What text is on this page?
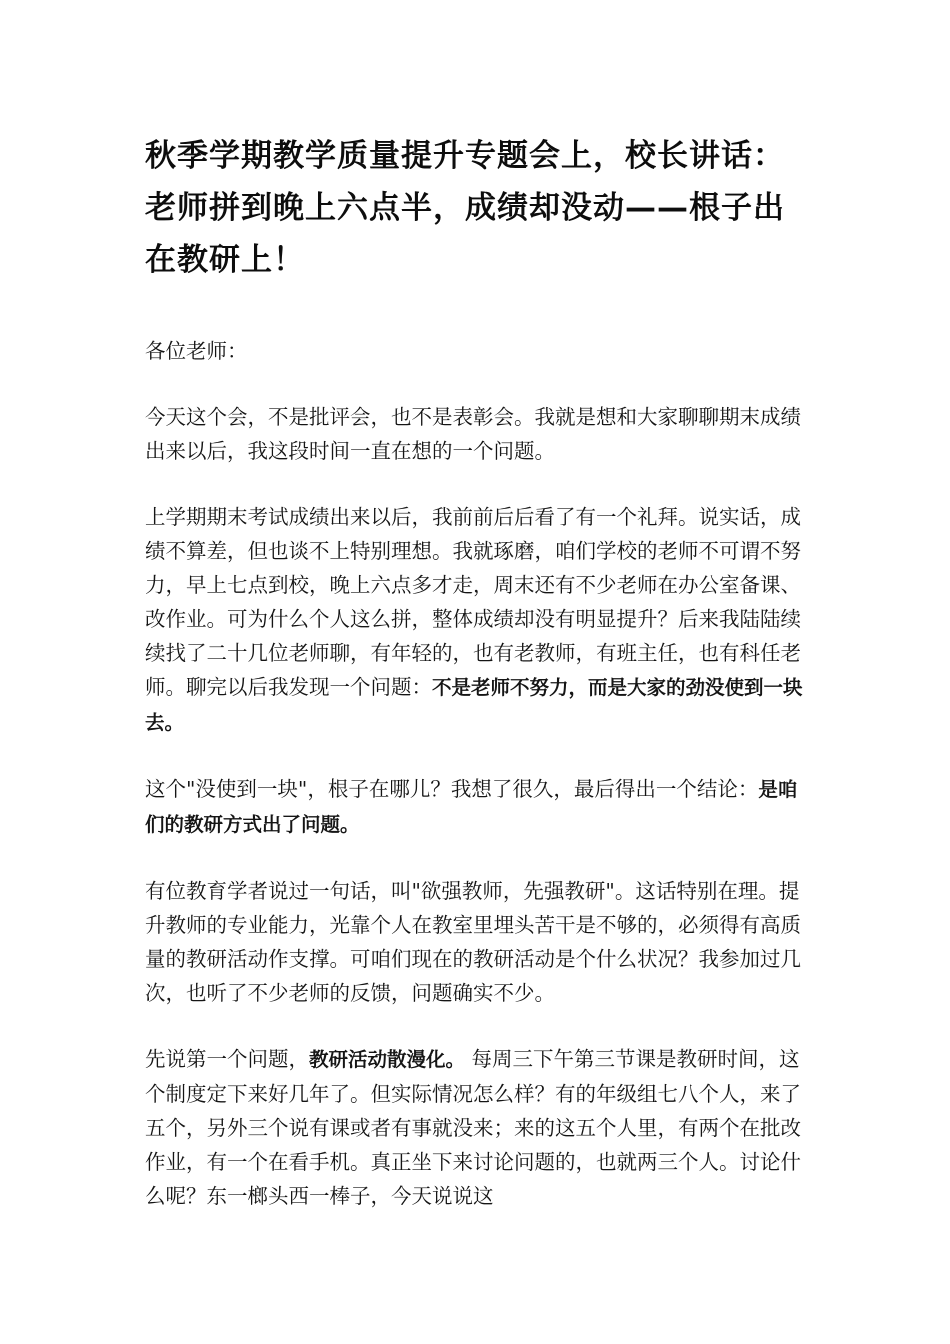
秋季学期教学质量提升专题会上，校长讲话：老师拼到晚上六点半，成绩却没动——根子出在教研上！

各位老师：

今天这个会，不是批评会，也不是表彰会。我就是想和大家聊聊期末成绩出来以后，我这段时间一直在想的一个问题。

上学期期末考试成绩出来以后，我前前后后看了有一个礼拜。说实话，成绩不算差，但也谈不上特别理想。我就琢磨，咱们学校的老师不可谓不努力，早上七点到校，晚上六点多才走，周末还有不少老师在办公室备课、改作业。可为什么个人这么拼，整体成绩却没有明显提升？后来我陆陆续续找了二十几位老师聊，有年轻的，也有老教师，有班主任，也有科任老师。聊完以后我发现一个问题：不是老师不努力，而是大家的劲没使到一块去。

这个"没使到一块"，根子在哪儿？我想了很久，最后得出一个结论：是咱们的教研方式出了问题。

有位教育学者说过一句话，叫"欲强教师，先强教研"。这话特别在理。提升教师的专业能力，光靠个人在教室里埋头苦干是不够的，必须得有高质量的教研活动作支撑。可咱们现在的教研活动是个什么状况？我参加过几次，也听了不少老师的反馈，问题确实不少。

先说第一个问题，教研活动散漫化。 每周三下午第三节课是教研时间，这个制度定下来好几年了。但实际情况怎么样？有的年级组七八个人，来了五个，另外三个说有课或者有事就没来；来的这五个人里，有两个在批改作业，有一个在看手机。真正坐下来讨论问题的，也就两三个人。讨论什么呢？东一榔头西一棒子，今天说说这
